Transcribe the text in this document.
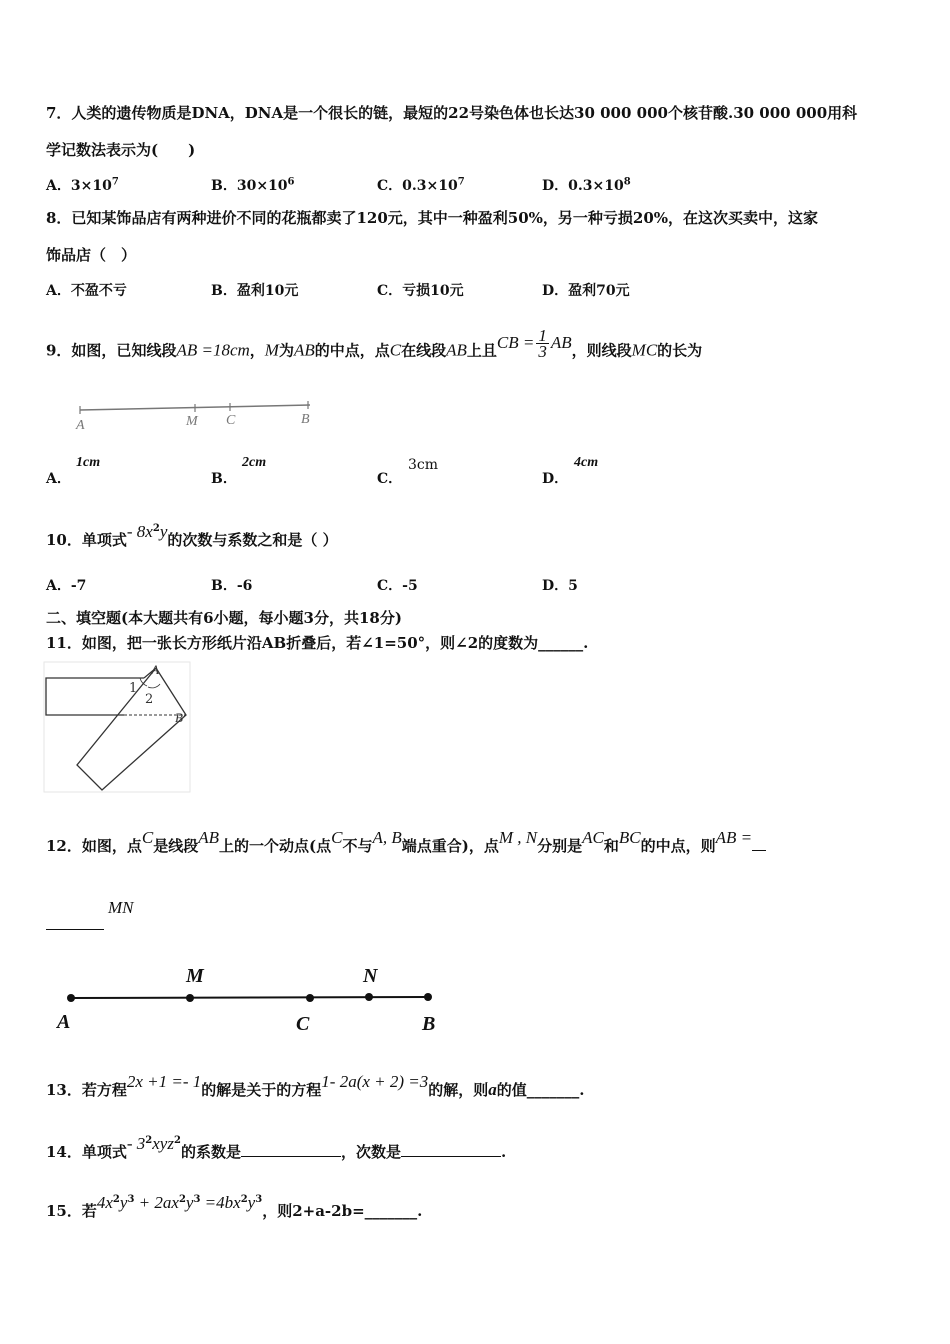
7．人类的遗传物质是DNA，DNA是一个很长的链，最短的22号染色体也长达30 000 000个核苷酸.30 000 000用科
学记数法表示为(　　)
A．$3\times 10^7$	B．$30\times 10^6$	C．$0.3\times 10^7$	D．$0.3\times 10^8$
8．已知某饰品店有两种进价不同的花瓶都卖了120元，其中一种盈利50%，另一种亏损20%，在这次买卖中，这家
饰品店（　）
A．不盈不亏	B．盈利10元	C．亏损10元	D．盈利70元
9．如图，已知线段AB =18cm，M为AB的中点，点C在线段AB上且CB = $\frac{1}{3}$ AB，则线段MC的长为
A	M C	B
A．
1cm
B．
2cm
C．
3cm
D．
4cm
10．单项式- $8x^2y$的次数与系数之和是（ ）
A．-7	B．-6	C．-5	D．5
二、填空题(本大题共有6小题，每小题3分，共18分)
11．如图，把一张长方形纸片沿AB折叠后，若∠1=50°，则∠2的度数为______.
A
1
2
B
12．如图，点C是线段AB上的一个动点(点C不与A, B端点重合)，点M , N分别是AC和BC的中点，则AB =
MN
M	N
A	C	B
13．若方程2x +1 =- 1的解是关于的方程1- 2a(x + 2) =3的解，则a的值_______.
14．单项式- $3^2xyz^2$的系数是	，次数是	.
15．若$4x^2y^3 + 2ax^2y^3 =4bx^2y^3$，则2+a-2b=_______.
